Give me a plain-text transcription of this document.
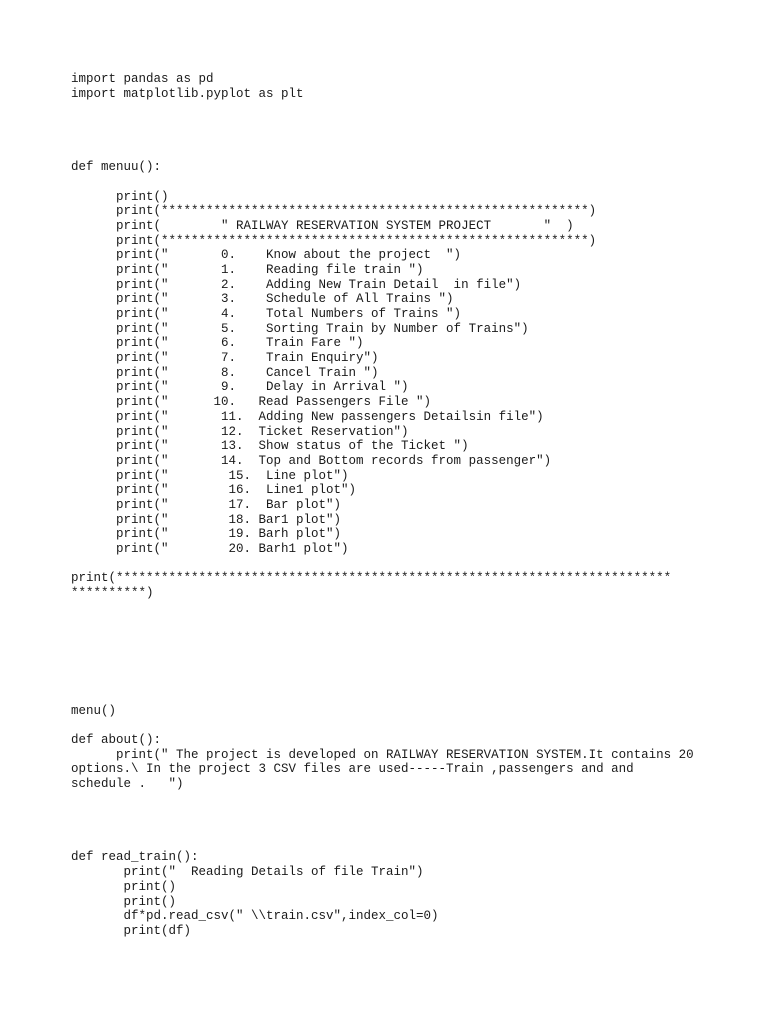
import pandas as pd
import matplotlib.pyplot as plt
def menuu():
print()
print(*********************************************************)
print(        " RAILWAY RESERVATION SYSTEM PROJECT       "  )
print(*********************************************************)
print("       0.    Know about the project  ")
print("       1.    Reading file train ")
print("       2.    Adding New Train Detail  in file")
print("       3.    Schedule of All Trains ")
print("       4.    Total Numbers of Trains ")
print("       5.    Sorting Train by Number of Trains")
print("       6.    Train Fare ")
print("       7.    Train Enquiry")
print("       8.    Cancel Train ")
print("       9.    Delay in Arrival ")
print("      10.   Read Passengers File ")
print("       11.  Adding New passengers Detailsin file")
print("       12.  Ticket Reservation")
print("       13.  Show status of the Ticket ")
print("       14.  Top and Bottom records from passenger")
print("        15.  Line plot")
print("        16.  Line1 plot")
print("        17.  Bar plot")
print("        18. Bar1 plot")
print("        19. Barh plot")
print("        20. Barh1 plot")
print(**************************************************************************
**********)
menu()
def about():
print(" The project is developed on RAILWAY RESERVATION SYSTEM.It contains 20
options.\ In the project 3 CSV files are used-----Train ,passengers and and
schedule .   ")
def read_train():
print("  Reading Details of file Train")
print()
print()
df*pd.read_csv(" \\train.csv",index_col=0)
print(df)
